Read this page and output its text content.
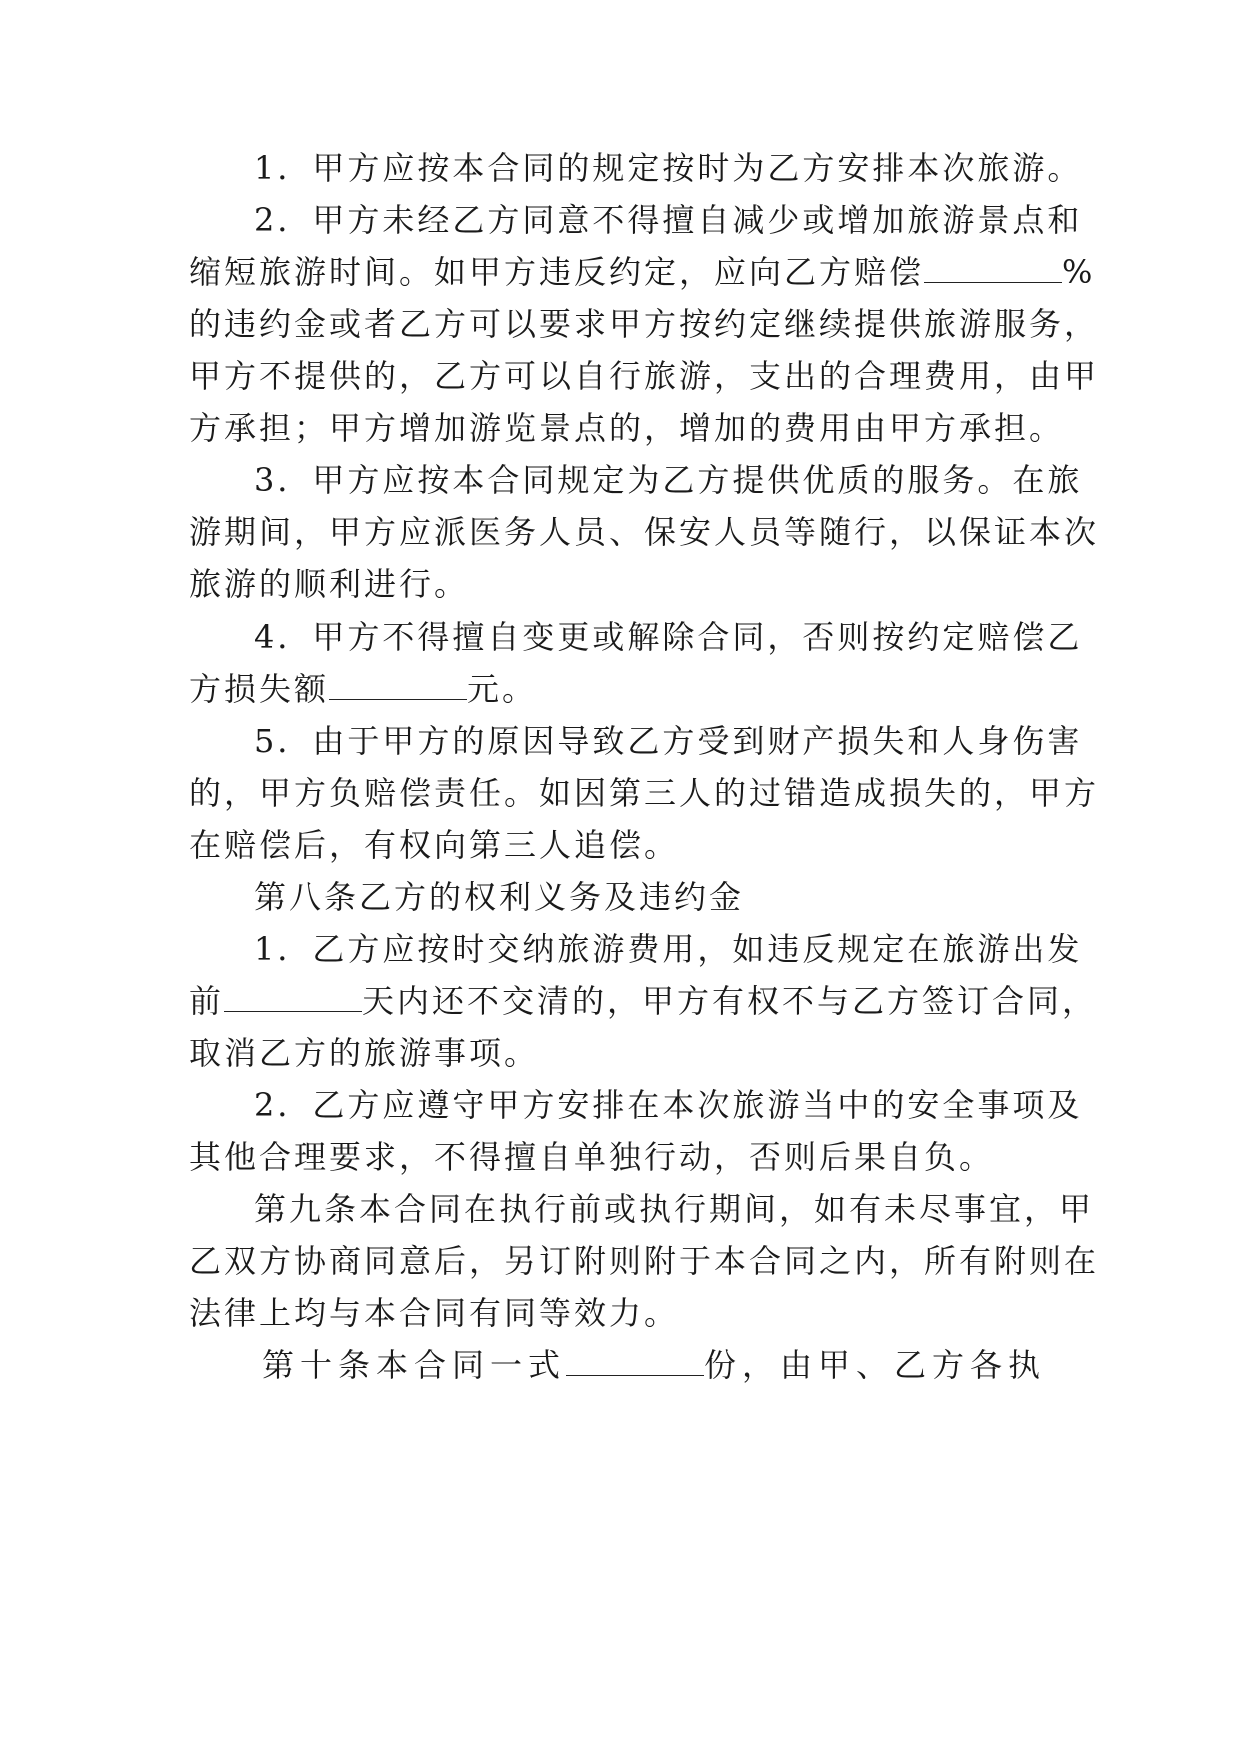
1．甲方应按本合同的规定按时为乙方安排本次旅游。
2．甲方未经乙方同意不得擅自减少或增加旅游景点和
缩短旅游时间。如甲方违反约定，应向乙方赔偿	%
的违约金或者乙方可以要求甲方按约定继续提供旅游服务，
甲方不提供的，乙方可以自行旅游，支出的合理费用，由甲
方承担；甲方增加游览景点的，增加的费用由甲方承担。
3．甲方应按本合同规定为乙方提供优质的服务。在旅
游期间，甲方应派医务人员、保安人员等随行，以保证本次
旅游的顺利进行。
4．甲方不得擅自变更或解除合同，否则按约定赔偿乙
方损失额	元。
5．由于甲方的原因导致乙方受到财产损失和人身伤害
的，甲方负赔偿责任。如因第三人的过错造成损失的，甲方
在赔偿后，有权向第三人追偿。
第八条乙方的权利义务及违约金
1．乙方应按时交纳旅游费用，如违反规定在旅游出发
前	天内还不交清的，甲方有权不与乙方签订合同，
取消乙方的旅游事项。
2．乙方应遵守甲方安排在本次旅游当中的安全事项及
其他合理要求，不得擅自单独行动，否则后果自负。
第九条本合同在执行前或执行期间，如有未尽事宜，甲
乙双方协商同意后，另订附则附于本合同之内，所有附则在
法律上均与本合同有同等效力。
第十条本合同一式	份，由甲、乙方各执
